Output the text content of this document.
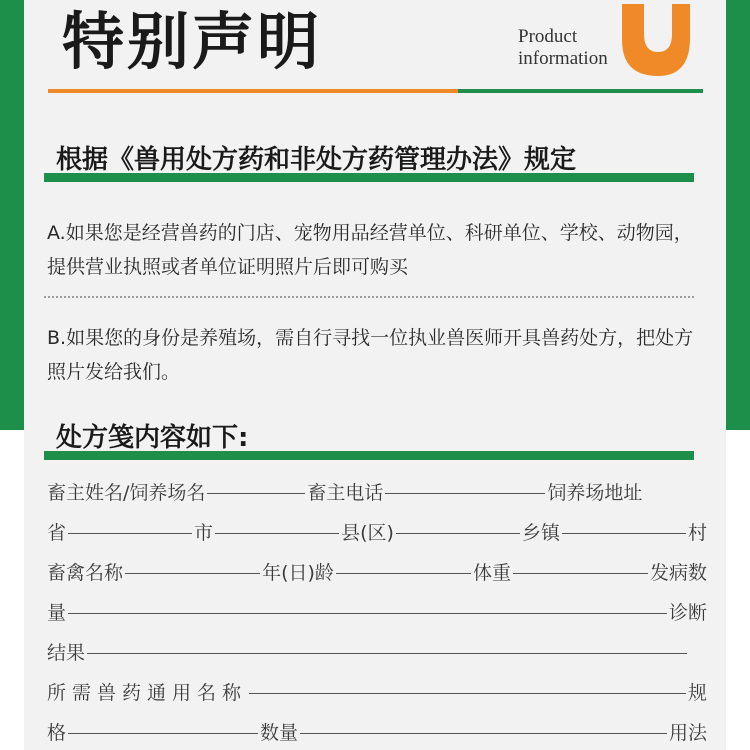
特别声明	Product
information
根据《兽用处方药和非处方药管理办法》规定

A.如果您是经营兽药的门店、宠物用品经营单位、科研单位、学校、动物园，提供营业执照或者单位证明照片后即可购买

B.如果您的身份是养殖场，需自行寻找一位执业兽医师开具兽药处方，把处方照片发给我们。

处方笺内容如下:
畜主姓名/饲养场名	畜主电话	饲养场地址
省	市	县(区)	乡镇	村
畜禽名称	年(日)龄	体重	发病数
量	诊断
结果
所需兽药通用名称	规
格	数量	用法
